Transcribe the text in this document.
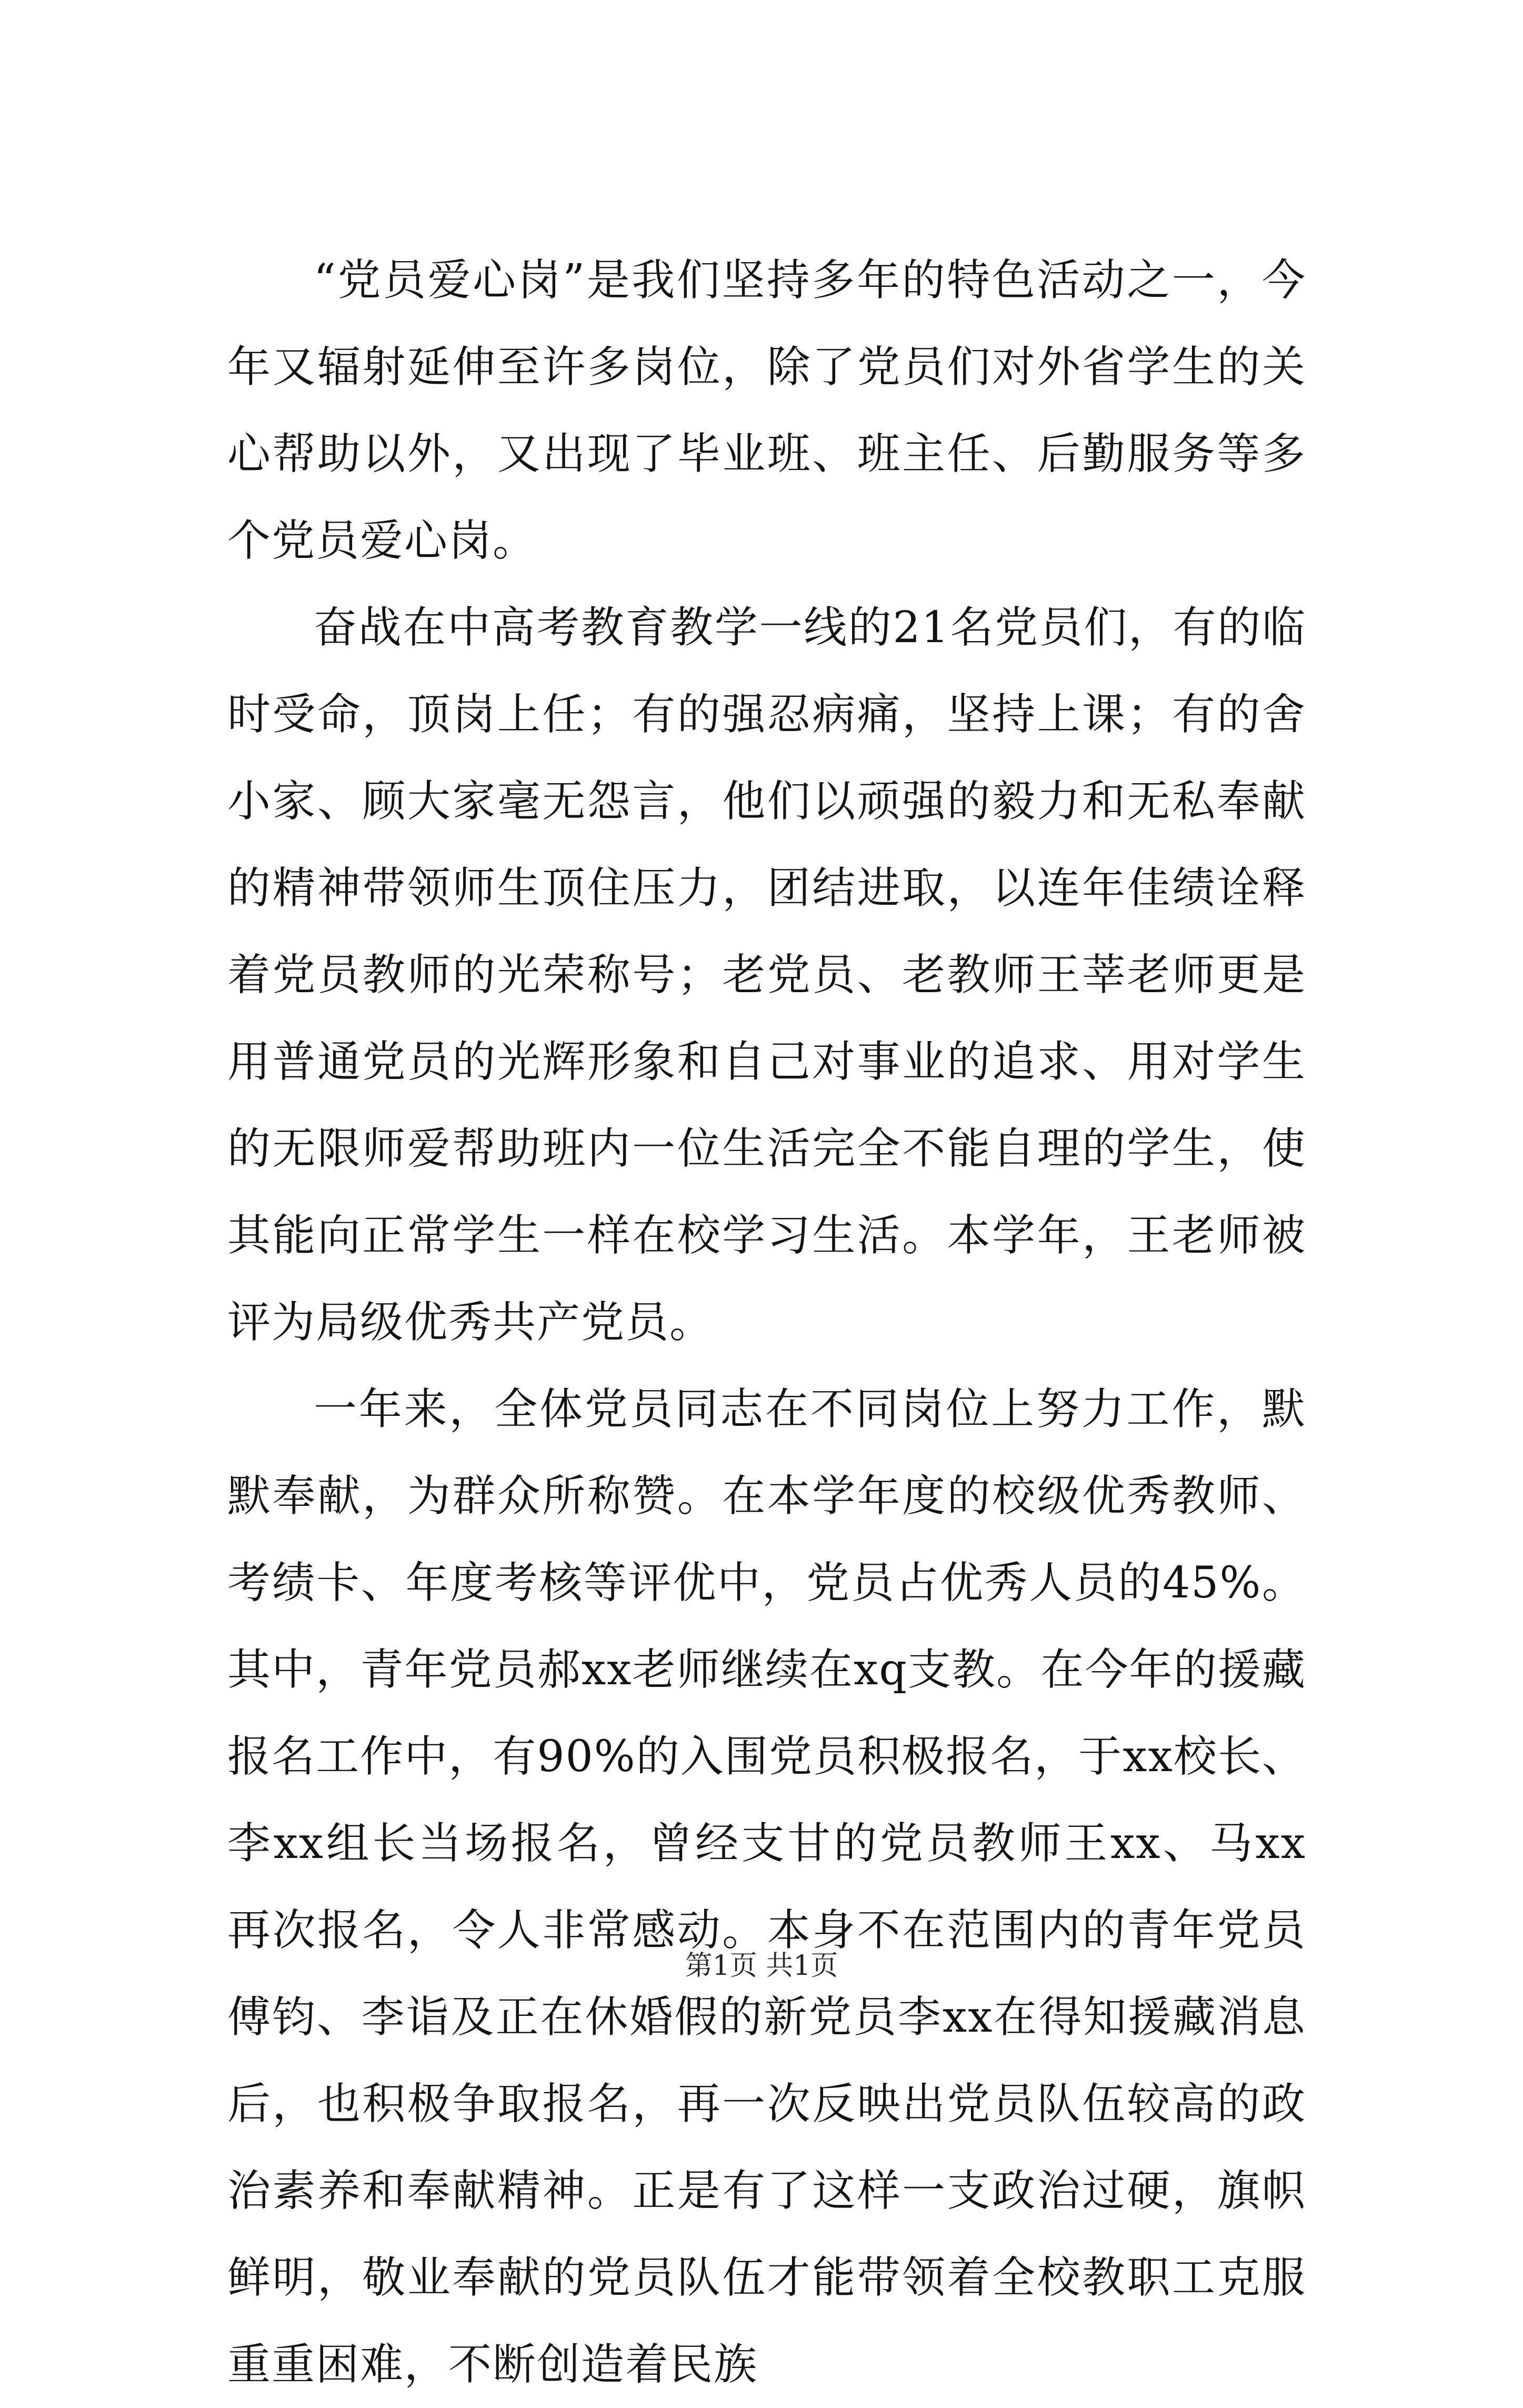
“党员爱心岗”是我们坚持多年的特色活动之一，今年又辐射延伸至许多岗位，除了党员们对外省学生的关心帮助以外，又出现了毕业班、班主任、后勤服务等多个党员爱心岗。

奋战在中高考教育教学一线的21名党员们，有的临时受命，顶岗上任；有的强忍病痛，坚持上课；有的舍小家、顾大家毫无怨言，他们以顽强的毅力和无私奉献的精神带领师生顶住压力，团结进取，以连年佳绩诠释着党员教师的光荣称号；老党员、老教师王莘老师更是用普通党员的光辉形象和自己对事业的追求、用对学生的无限师爱帮助班内一位生活完全不能自理的学生，使其能向正常学生一样在校学习生活。本学年，王老师被评为局级优秀共产党员。

一年来，全体党员同志在不同岗位上努力工作，默默奉献，为群众所称赞。在本学年度的校级优秀教师、考绩卡、年度考核等评优中，党员占优秀人员的45%。其中，青年党员郝xx老师继续在xq支教。在今年的援藏报名工作中，有90%的入围党员积极报名，于xx校长、李xx组长当场报名，曾经支甘的党员教师王xx、马xx再次报名，令人非常感动。本身不在范围内的青年党员傅钧、李诣及正在休婚假的新党员李xx在得知援藏消息后，也积极争取报名，再一次反映出党员队伍较高的政治素养和奉献精神。正是有了这样一支政治过硬，旗帜鲜明，敬业奉献的党员队伍才能带领着全校教职工克服重重困难，不断创造着民族

第1页 共1页
